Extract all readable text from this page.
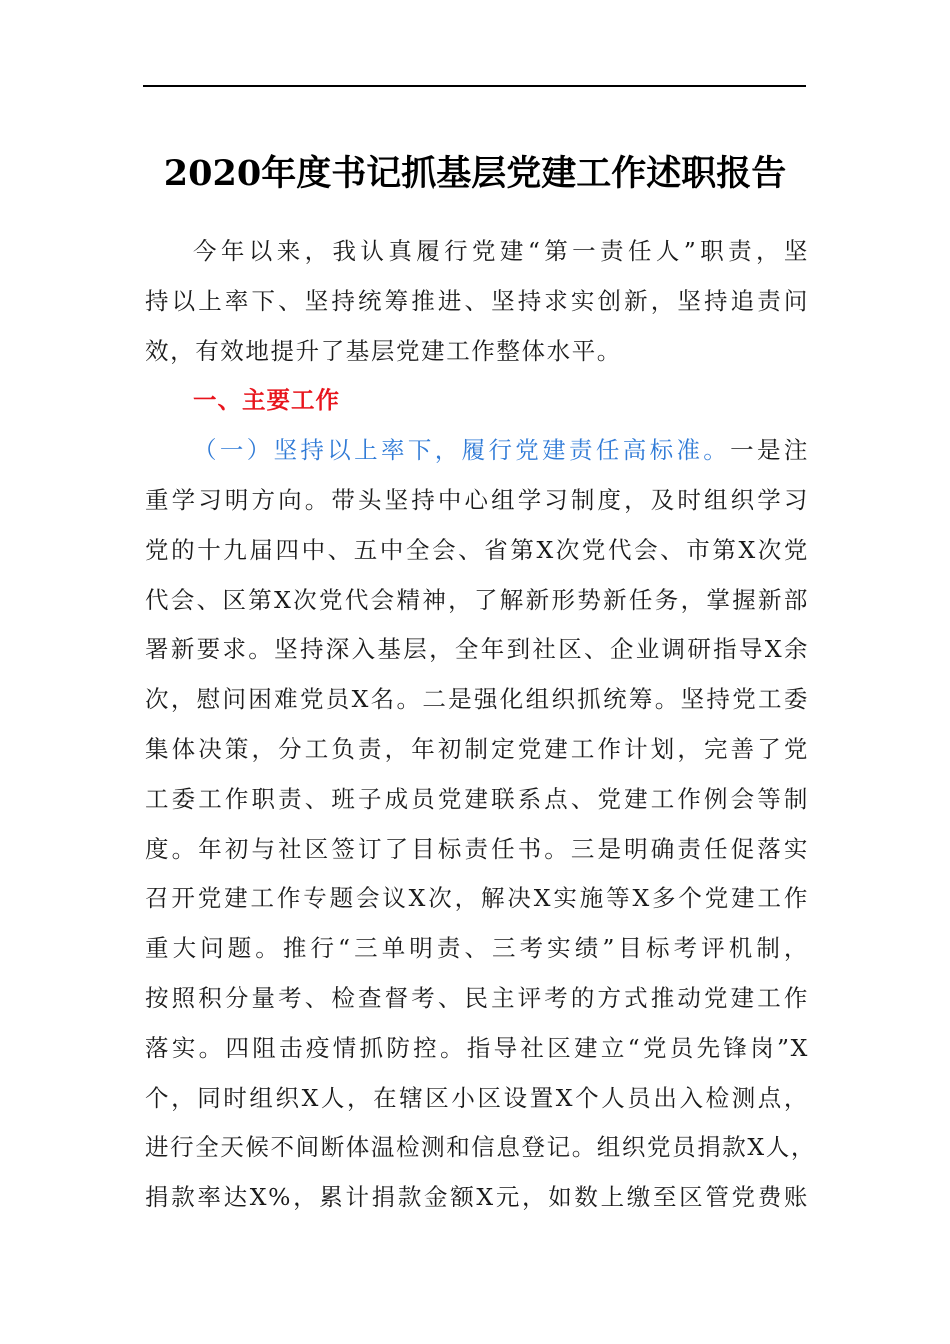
2020年度书记抓基层党建工作述职报告
今年以来，我认真履行党建“第一责任人”职责，坚
持以上率下、坚持统筹推进、坚持求实创新，坚持追责问
效，有效地提升了基层党建工作整体水平。
一、主要工作
（一）坚持以上率下，履行党建责任高标准。一是注
重学习明方向。带头坚持中心组学习制度，及时组织学习
党的十九届四中、五中全会、省第X次党代会、市第X次党
代会、区第X次党代会精神，了解新形势新任务，掌握新部
署新要求。坚持深入基层，全年到社区、企业调研指导X余
次，慰问困难党员X名。二是强化组织抓统筹。坚持党工委
集体决策，分工负责，年初制定党建工作计划，完善了党
工委工作职责、班子成员党建联系点、党建工作例会等制
度。年初与社区签订了目标责任书。三是明确责任促落实
召开党建工作专题会议X次，解决X实施等X多个党建工作
重大问题。推行“三单明责、三考实绩”目标考评机制，
按照积分量考、检查督考、民主评考的方式推动党建工作
落实。四阻击疫情抓防控。指导社区建立“党员先锋岗”X
个，同时组织X人，在辖区小区设置X个人员出入检测点，
进行全天候不间断体温检测和信息登记。组织党员捐款X人，
捐款率达X%，累计捐款金额X元，如数上缴至区管党费账
